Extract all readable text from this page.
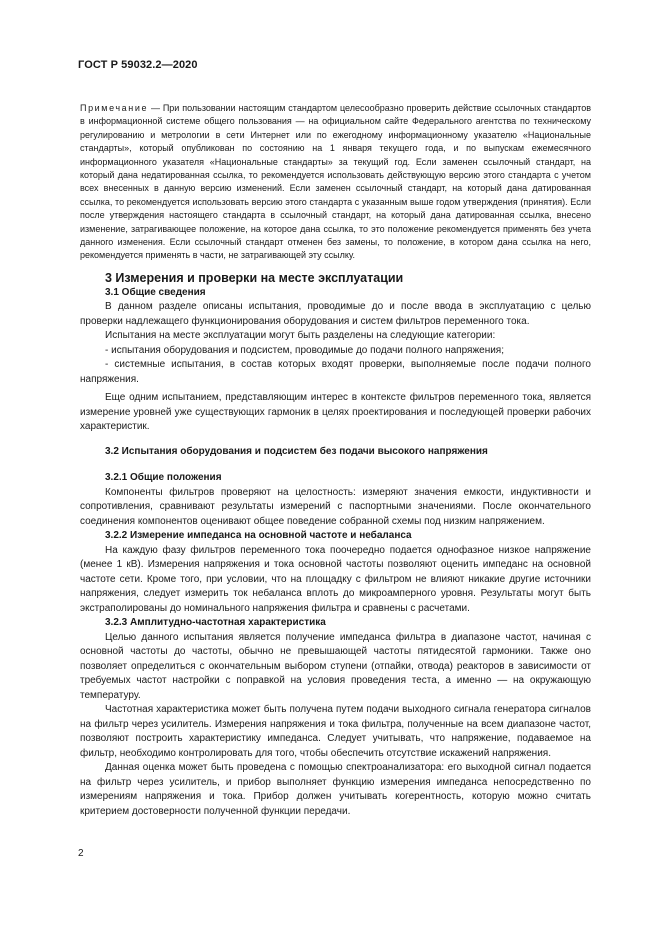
ГОСТ Р 59032.2—2020

Примечание — При пользовании настоящим стандартом целесообразно проверить действие ссылочных стандартов в информационной системе общего пользования — на официальном сайте Федерального агентства по техническому регулированию и метрологии в сети Интернет или по ежегодному информационному указателю «Национальные стандарты», который опубликован по состоянию на 1 января текущего года, и по выпускам ежемесячного информационного указателя «Национальные стандарты» за текущий год. Если заменен ссылочный стандарт, на который дана недатированная ссылка, то рекомендуется использовать действующую версию этого стандарта с учетом всех внесенных в данную версию изменений. Если заменен ссылочный стандарт, на который дана датированная ссылка, то рекомендуется использовать версию этого стандарта с указанным выше годом утверждения (принятия). Если после утверждения настоящего стандарта в ссылочный стандарт, на который дана датированная ссылка, внесено изменение, затрагивающее положение, на которое дана ссылка, то это положение рекомендуется применять без учета данного изменения. Если ссылочный стандарт отменен без замены, то положение, в котором дана ссылка на него, рекомендуется применять в части, не затрагивающей эту ссылку.

3 Измерения и проверки на месте эксплуатации

3.1 Общие сведения

В данном разделе описаны испытания, проводимые до и после ввода в эксплуатацию с целью проверки надлежащего функционирования оборудования и систем фильтров переменного тока.

Испытания на месте эксплуатации могут быть разделены на следующие категории:

- испытания оборудования и подсистем, проводимые до подачи полного напряжения;

- системные испытания, в состав которых входят проверки, выполняемые после подачи полного напряжения.

Еще одним испытанием, представляющим интерес в контексте фильтров переменного тока, является измерение уровней уже существующих гармоник в целях проектирования и последующей проверки рабочих характеристик.

3.2 Испытания оборудования и подсистем без подачи высокого напряжения

3.2.1 Общие положения

Компоненты фильтров проверяют на целостность: измеряют значения емкости, индуктивности и сопротивления, сравнивают результаты измерений с паспортными значениями. После окончательного соединения компонентов оценивают общее поведение собранной схемы под низким напряжением.

3.2.2 Измерение импеданса на основной частоте и небаланса

На каждую фазу фильтров переменного тока поочередно подается однофазное низкое напряжение (менее 1 кВ). Измерения напряжения и тока основной частоты позволяют оценить импеданс на основной частоте сети. Кроме того, при условии, что на площадку с фильтром не влияют никакие другие источники напряжения, следует измерить ток небаланса вплоть до микроамперного уровня. Результаты могут быть экстраполированы до номинального напряжения фильтра и сравнены с расчетами.

3.2.3 Амплитудно-частотная характеристика

Целью данного испытания является получение импеданса фильтра в диапазоне частот, начиная с основной частоты до частоты, обычно не превышающей частоты пятидесятой гармоники. Также оно позволяет определиться с окончательным выбором ступени (отпайки, отвода) реакторов в зависимости от требуемых частот настройки с поправкой на условия проведения теста, а именно — на окружающую температуру.

Частотная характеристика может быть получена путем подачи выходного сигнала генератора сигналов на фильтр через усилитель. Измерения напряжения и тока фильтра, полученные на всем диапазоне частот, позволяют построить характеристику импеданса. Следует учитывать, что напряжение, подаваемое на фильтр, необходимо контролировать для того, чтобы обеспечить отсутствие искажений напряжения.

Данная оценка может быть проведена с помощью спектроанализатора: его выходной сигнал подается на фильтр через усилитель, и прибор выполняет функцию измерения импеданса непосредственно по измерениям напряжения и тока. Прибор должен учитывать когерентность, которую можно считать критерием достоверности полученной функции передачи.

2
